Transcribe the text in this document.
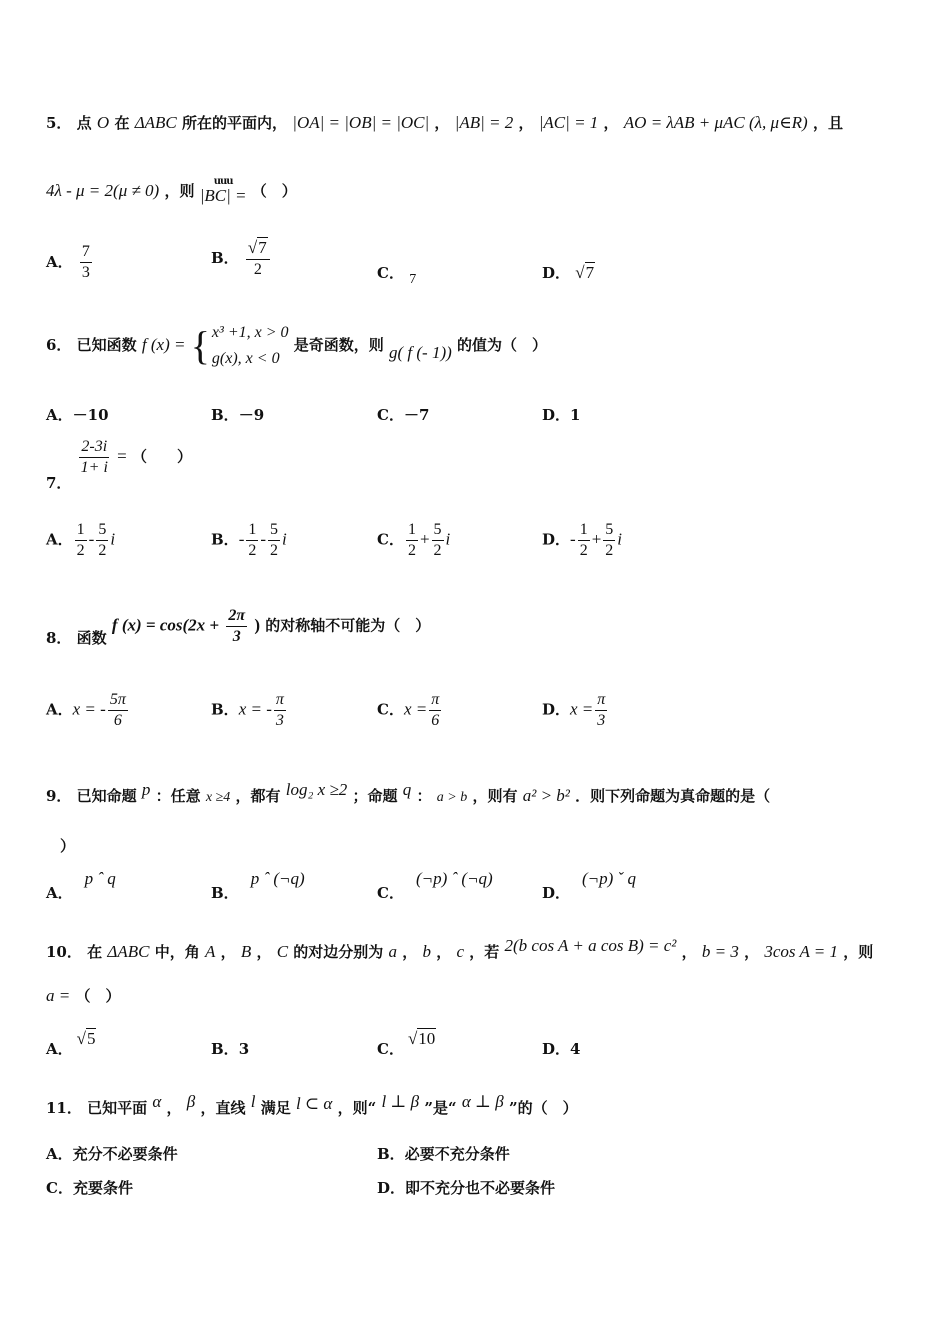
5． 点 O 在 ΔABC 所在的平面内， |OA| = |OB| = |OC| ， |AB| = 2 ， |AC| = 1 ， AO = λAB + μAC (λ, μ∈R) ，且
4λ - μ = 2(μ ≠ 0) ，则
uuu
|BC| = （　）
A． $\frac{7}{3}$	B． $\frac{√7}{2}$	C． 7	D． √7
6． 已知函数 f (x) = { x³ +1, x > 0
g(x), x < 0
是奇函数，则 g( f (- 1)) 的值为（　）
A．－10	B．－9	C．－7	D．1
7．
$\frac{2-3i}{1+ i}$ = （　　）
A． $\frac{1}{2} - \frac{5}{2}$ i	B．- $\frac{1}{2} - \frac{5}{2}$ i	C． $\frac{1}{2} + \frac{5}{2}$ i	D．- $\frac{1}{2} + \frac{5}{2}$ i
8． 函数 f $(x) = \cos(2x + \frac{2\pi}{3}$ ) 的对称轴不可能为（　）
A．x = - $\frac{5\pi}{6}$	B．x = - $\frac{\pi}{3}$	C．$x = \frac{\pi}{6}$	D．$x = \frac{\pi}{3}$
9． 已知命题 p ：任意 x ≥4 ，都有 log₂ x ≥2 ；命题 q ： a > b ，则有 a² > b² ．则下列命题为真命题的是（
）
A．p ˆ q
B．p ˆ (¬q)
C．(¬p) ˆ (¬q)
D．(¬p) ˇ q
10． 在 ΔABC 中，角 A ， B ， C 的对边分别为 a ， b ， c ，若 2(b cos A + a cos B) = c² ， b = 3 ， 3cos A = 1 ，则
a = （　）
A．√5
B．3	C．√10
D．4
11． 已知平面 α ， β ，直线 l 满足 l ⊂ α ，则“ l ⊥ β ”是“ α ⊥ β ”的（　）
A．充分不必要条件	B．必要不充分条件
C．充要条件	D．即不充分也不必要条件
